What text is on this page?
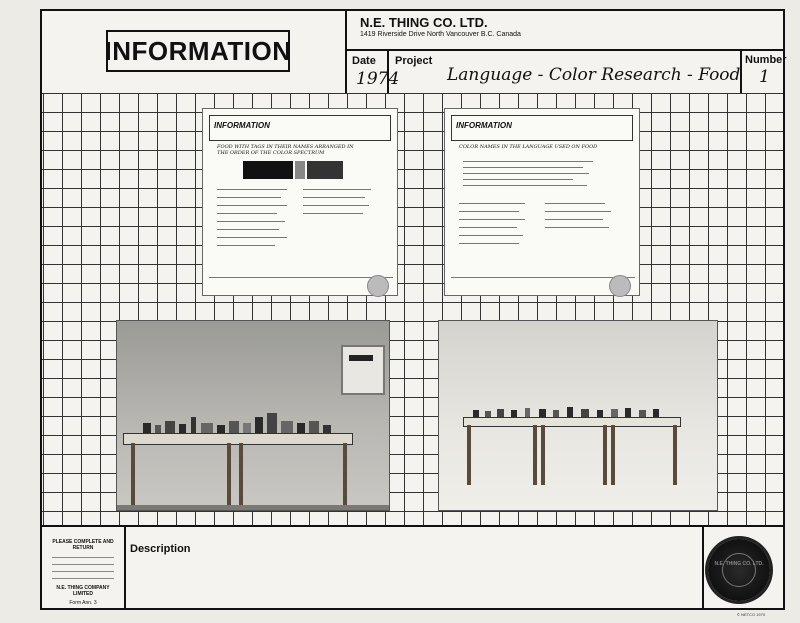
INFORMATION
N.E. THING CO. LTD.
1419 Riverside Drive North Vancouver B.C. Canada
Date
1974
Project
Language - Color Research - Food
Number
1
INFORMATION
FOOD WITH TAGS IN THEIR NAMES ARRANGED IN THE ORDER OF THE COLOR SPECTRUM
INFORMATION
COLOR NAMES IN THE LANGUAGE USED ON FOOD
PLEASE COMPLETE AND RETURN
N.E. THING COMPANY LIMITED
Form Ann. 3
Description
N.E. THING CO. LTD.
© NETCO 1970
